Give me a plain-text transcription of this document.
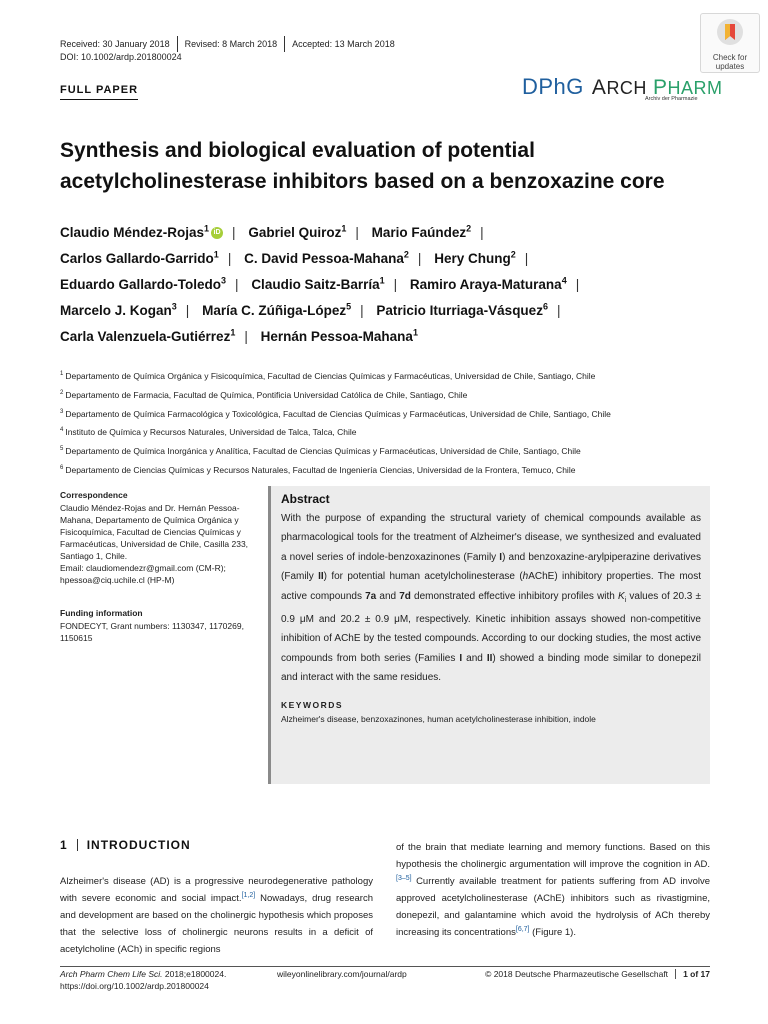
Received: 30 January 2018 Revised: 8 March 2018 Accepted: 13 March 2018
DOI: 10.1002/ardp.201800024
FULL PAPER
Check for updates
DPhG ARCH PHARM
Archiv der Pharmazie
Synthesis and biological evaluation of potential acetylcholinesterase inhibitors based on a benzoxazine core
Claudio Méndez-Rojas$^1$ iD | Gabriel Quiroz$^1$ | Mario Faúndez$^2$ |
Carlos Gallardo-Garrido$^1$ | C. David Pessoa-Mahana$^2$ | Hery Chung$^2$ |
Eduardo Gallardo-Toledo$^3$ | Claudio Saitz-Barría$^1$ | Ramiro Araya-Maturana$^4$ |
Marcelo J. Kogan$^3$ | María C. Zúñiga-López$^5$ | Patricio Iturriaga-Vásquez$^6$ |
Carla Valenzuela-Gutiérrez$^1$ | Hernán Pessoa-Mahana$^1$
$^1$ Departamento de Química Orgánica y Fisicoquímica, Facultad de Ciencias Químicas y Farmacéuticas, Universidad de Chile, Santiago, Chile
$^2$ Departamento de Farmacia, Facultad de Química, Pontificia Universidad Católica de Chile, Santiago, Chile
$^3$ Departamento de Química Farmacológica y Toxicológica, Facultad de Ciencias Químicas y Farmacéuticas, Universidad de Chile, Santiago, Chile
$^4$ Instituto de Química y Recursos Naturales, Universidad de Talca, Talca, Chile
$^5$ Departamento de Química Inorgánica y Analítica, Facultad de Ciencias Químicas y Farmacéuticas, Universidad de Chile, Santiago, Chile
$^6$ Departamento de Ciencias Químicas y Recursos Naturales, Facultad de Ingeniería Ciencias, Universidad de la Frontera, Temuco, Chile
Correspondence

Claudio Méndez-Rojas and Dr. Hernán Pessoa-Mahana, Departamento de Química Orgánica y Fisicoquímica, Facultad de Ciencias Químicas y Farmacéuticas, Universidad de Chile, Casilla 233, Santiago 1, Chile.

Email: claudiomendezr@gmail.com (CM-R); hpessoa@ciq.uchile.cl (HP-M)

Funding information

FONDECYT, Grant numbers: 1130347, 1170269, 1150615

Abstract

With the purpose of expanding the structural variety of chemical compounds available as pharmacological tools for the treatment of Alzheimer's disease, we synthesized and evaluated a novel series of indole-benzoxazinones (Family I) and benzoxazine-arylpiperazine derivatives (Family II) for potential human acetylcholinesterase (hAChE) inhibitory properties. The most active compounds 7a and 7d demonstrated effective inhibitory profiles with $K_i$ values of 20.3 ± 0.9 μM and 20.2 ± 0.9 μM, respectively. Kinetic inhibition assays showed non-competitive inhibition of AChE by the tested compounds. According to our docking studies, the most active compounds from both series (Families I and II) showed a binding mode similar to donepezil and interact with the same residues.

KEYWORDS
Alzheimer's disease, benzoxazinones, human acetylcholinesterase inhibition, indole
1 INTRODUCTION

Alzheimer's disease (AD) is a progressive neurodegenerative pathology with severe economic and social impact.[1,2] Nowadays, drug research and development are based on the cholinergic hypothesis which proposes that the selective loss of cholinergic neurons results in a deficit of acetylcholine (ACh) in specific regions

of the brain that mediate learning and memory functions. Based on this hypothesis the cholinergic argumentation will improve the cognition in AD.[3–5] Currently available treatment for patients suffering from AD involve approved acetylcholinesterase (AChE) inhibitors such as rivastigmine, donepezil, and galantamine which avoid the hydrolysis of ACh thereby increasing its concentrations[6,7] (Figure 1).

Arch Pharm Chem Life Sci. 2018;e1800024.
https://doi.org/10.1002/ardp.201800024
wileyonlinelibrary.com/journal/ardp	© 2018 Deutsche Pharmazeutische Gesellschaft 1 of 17
